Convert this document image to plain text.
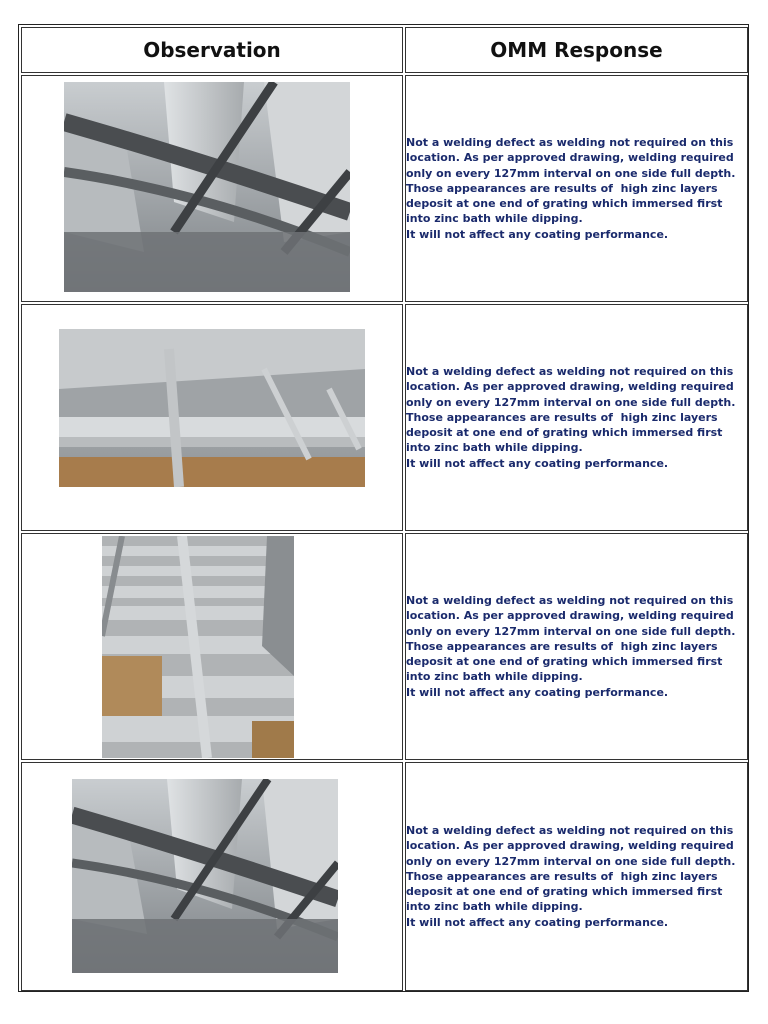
Observation	OMM Response
Not a welding defect as welding not required on this location. As per approved drawing, welding required only on every 127mm interval on one side full depth. Those appearances are results of  high zinc layers deposit at one end of grating which immersed first into zinc bath while dipping.
It will not affect any coating performance.
Not a welding defect as welding not required on this location. As per approved drawing, welding required only on every 127mm interval on one side full depth. Those appearances are results of  high zinc layers deposit at one end of grating which immersed first into zinc bath while dipping.
It will not affect any coating performance.
Not a welding defect as welding not required on this location. As per approved drawing, welding required only on every 127mm interval on one side full depth. Those appearances are results of  high zinc layers deposit at one end of grating which immersed first into zinc bath while dipping.
It will not affect any coating performance.
Not a welding defect as welding not required on this location. As per approved drawing, welding required only on every 127mm interval on one side full depth. Those appearances are results of  high zinc layers deposit at one end of grating which immersed first into zinc bath while dipping.
It will not affect any coating performance.
